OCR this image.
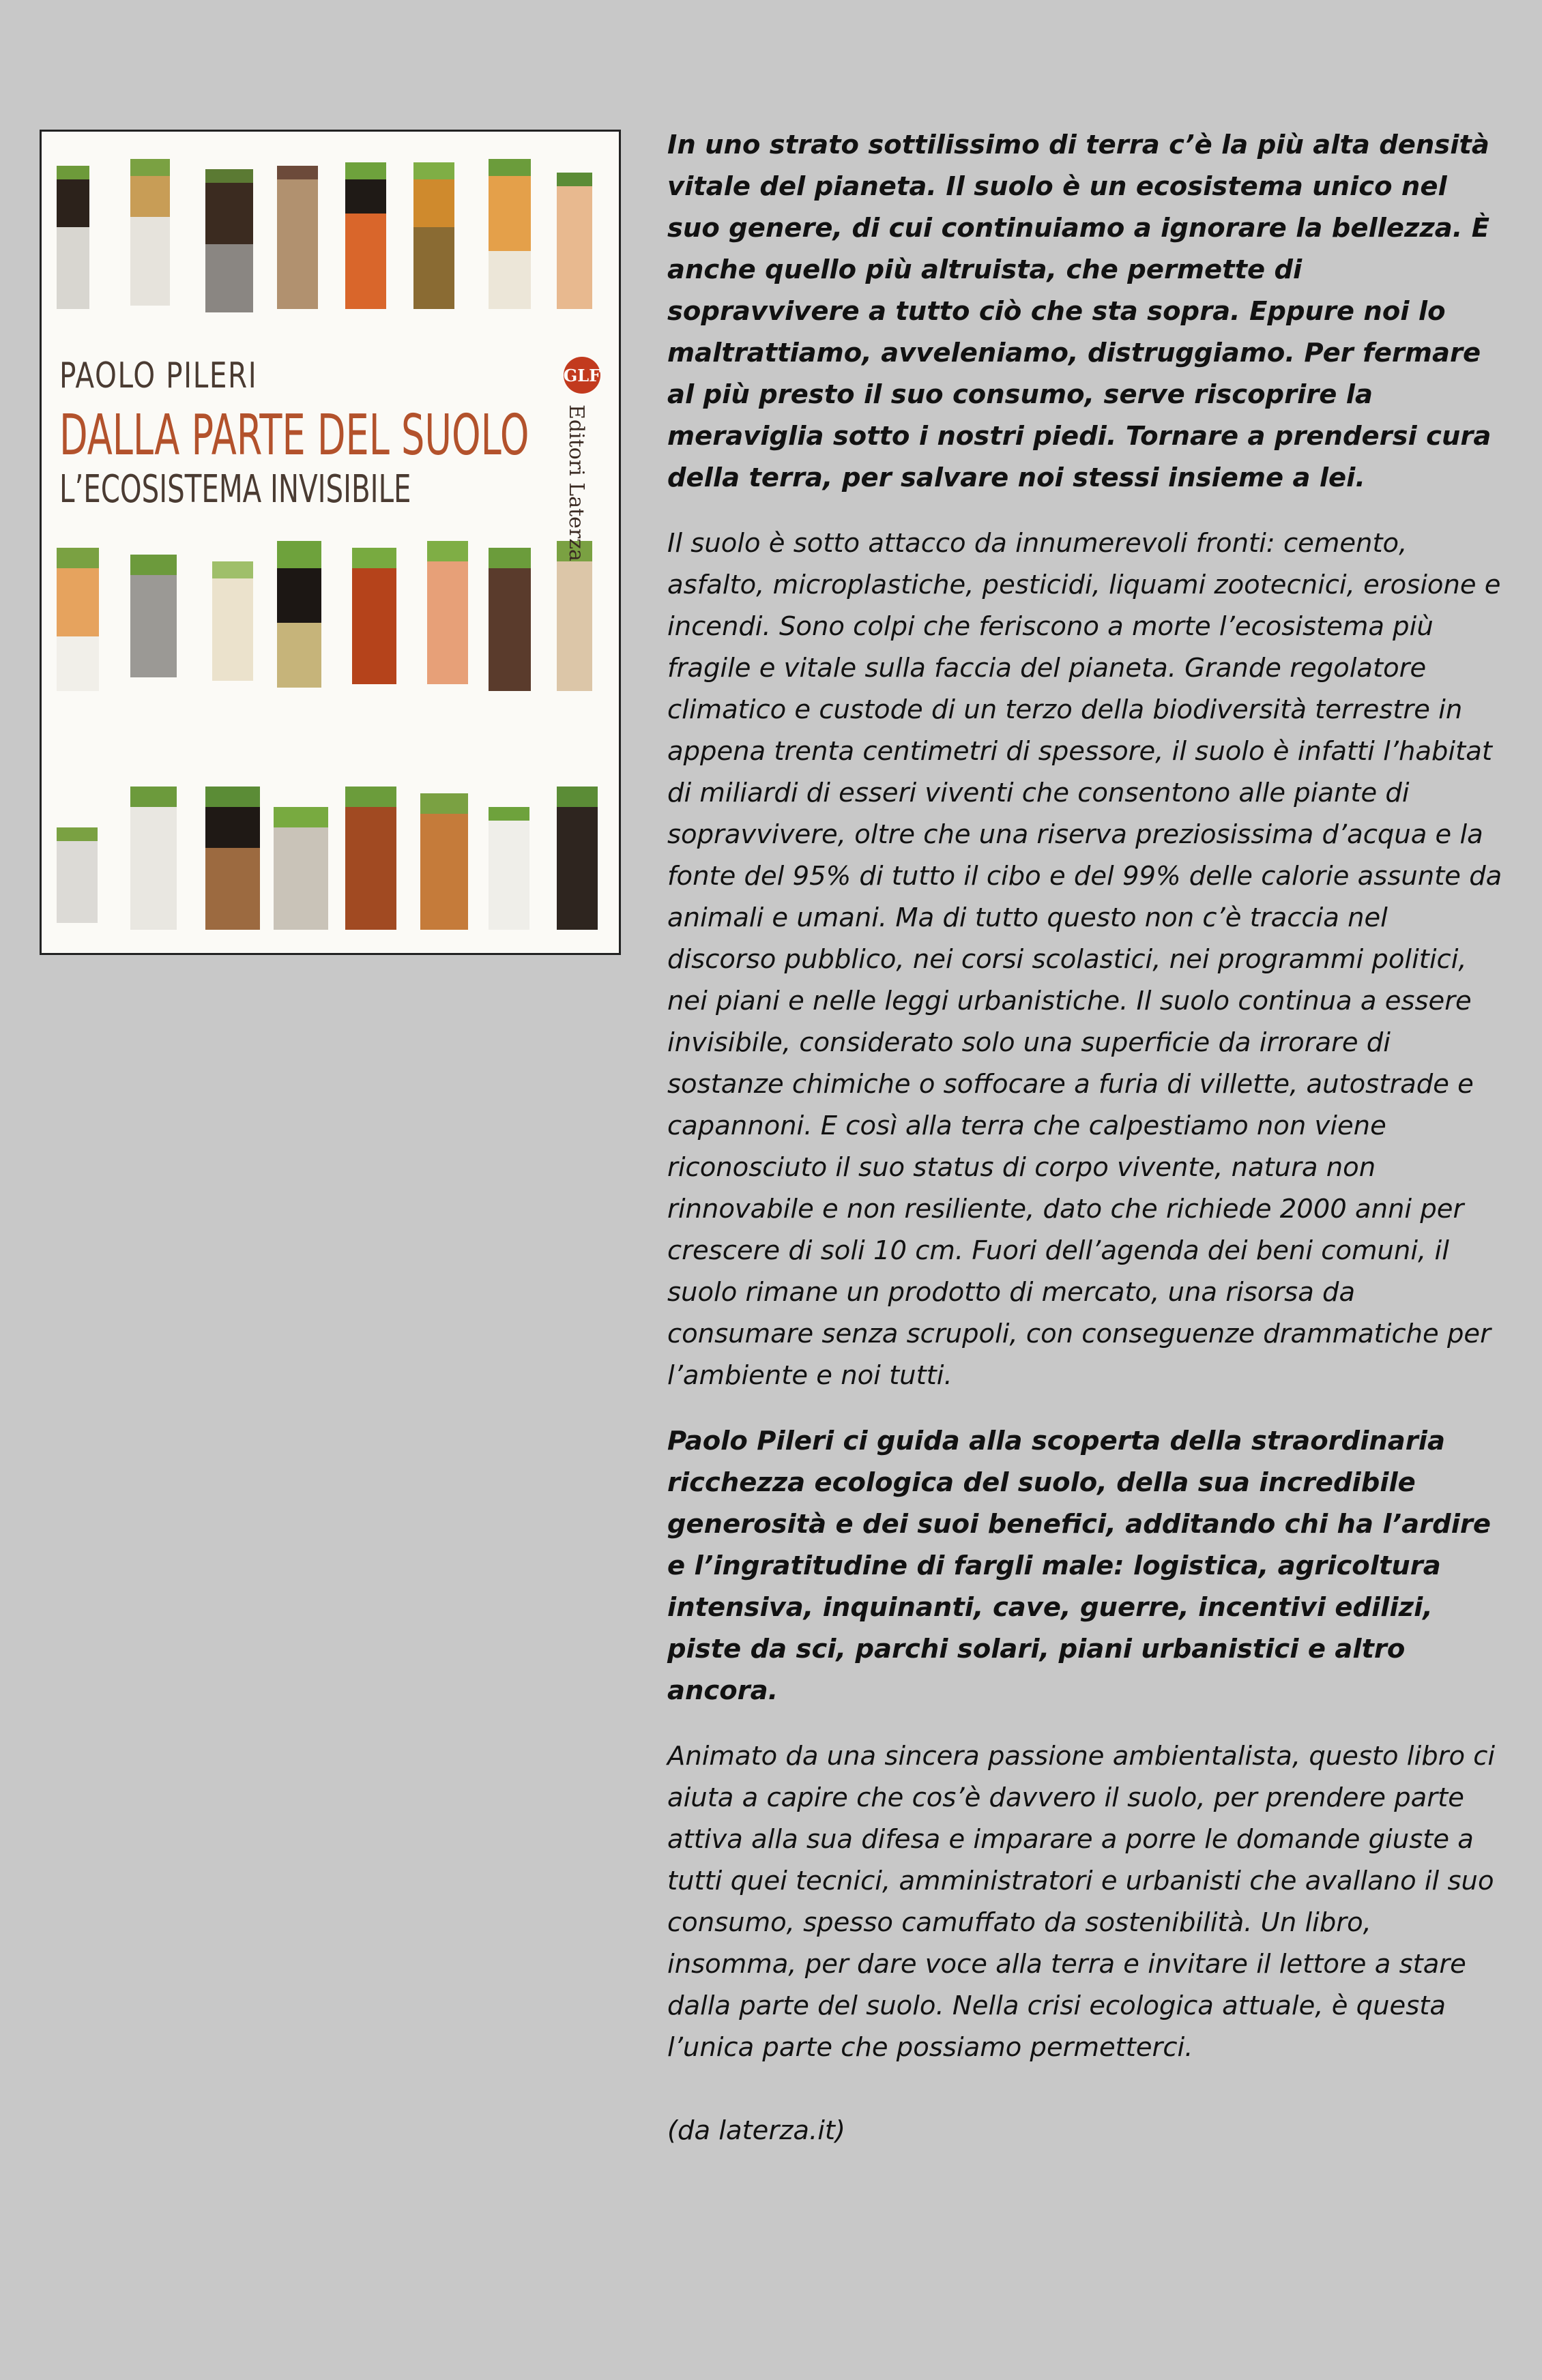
PAOLO PILERI
DALLA PARTE DEL SUOLO
L’ECOSISTEMA INVISIBILE
GLF
Editori Laterza

In uno strato sottilissimo di terra c’è la più alta densità vitale del pianeta. Il suolo è un ecosistema unico nel suo genere, di cui continuiamo a ignorare la bellezza. È anche quello più altruista, che permette di sopravvivere a tutto ciò che sta sopra. Eppure noi lo maltrattiamo, avveleniamo, distruggiamo. Per fermare al più presto il suo consumo, serve riscoprire la meraviglia sotto i nostri piedi. Tornare a prendersi cura della terra, per salvare noi stessi insieme a lei.

Il suolo è sotto attacco da innumerevoli fronti: cemento, asfalto, microplastiche, pesticidi, liquami zootecnici, erosione e incendi. Sono colpi che feriscono a morte l’ecosistema più fragile e vitale sulla faccia del pianeta. Grande regolatore climatico e custode di un terzo della biodiversità terrestre in appena trenta centimetri di spessore, il suolo è infatti l’habitat di miliardi di esseri viventi che consentono alle piante di sopravvivere, oltre che una riserva preziosissima d’acqua e la fonte del 95% di tutto il cibo e del 99% delle calorie assunte da animali e umani. Ma di tutto questo non c’è traccia nel discorso pubblico, nei corsi scolastici, nei programmi politici, nei piani e nelle leggi urbanistiche. Il suolo continua a essere invisibile, considerato solo una superficie da irrorare di sostanze chimiche o soffocare a furia di villette, autostrade e capannoni. E così alla terra che calpestiamo non viene riconosciuto il suo status di corpo vivente, natura non rinnovabile e non resiliente, dato che richiede 2000 anni per crescere di soli 10 cm. Fuori dell’agenda dei beni comuni, il suolo rimane un prodotto di mercato, una risorsa da consumare senza scrupoli, con conseguenze drammatiche per l’ambiente e noi tutti.

Paolo Pileri ci guida alla scoperta della straordinaria ricchezza ecologica del suolo, della sua incredibile generosità e dei suoi benefici, additando chi ha l’ardire e l’ingratitudine di fargli male: logistica, agricoltura intensiva, inquinanti, cave, guerre, incentivi edilizi, piste da sci, parchi solari, piani urbanistici e altro ancora.

Animato da una sincera passione ambientalista, questo libro ci aiuta a capire che cos’è davvero il suolo, per prendere parte attiva alla sua difesa e imparare a porre le domande giuste a tutti quei tecnici, amministratori e urbanisti che avallano il suo consumo, spesso camuffato da sostenibilità. Un libro, insomma, per dare voce alla terra e invitare il lettore a stare dalla parte del suolo. Nella crisi ecologica attuale, è questa l’unica parte che possiamo permetterci.

(da laterza.it)
